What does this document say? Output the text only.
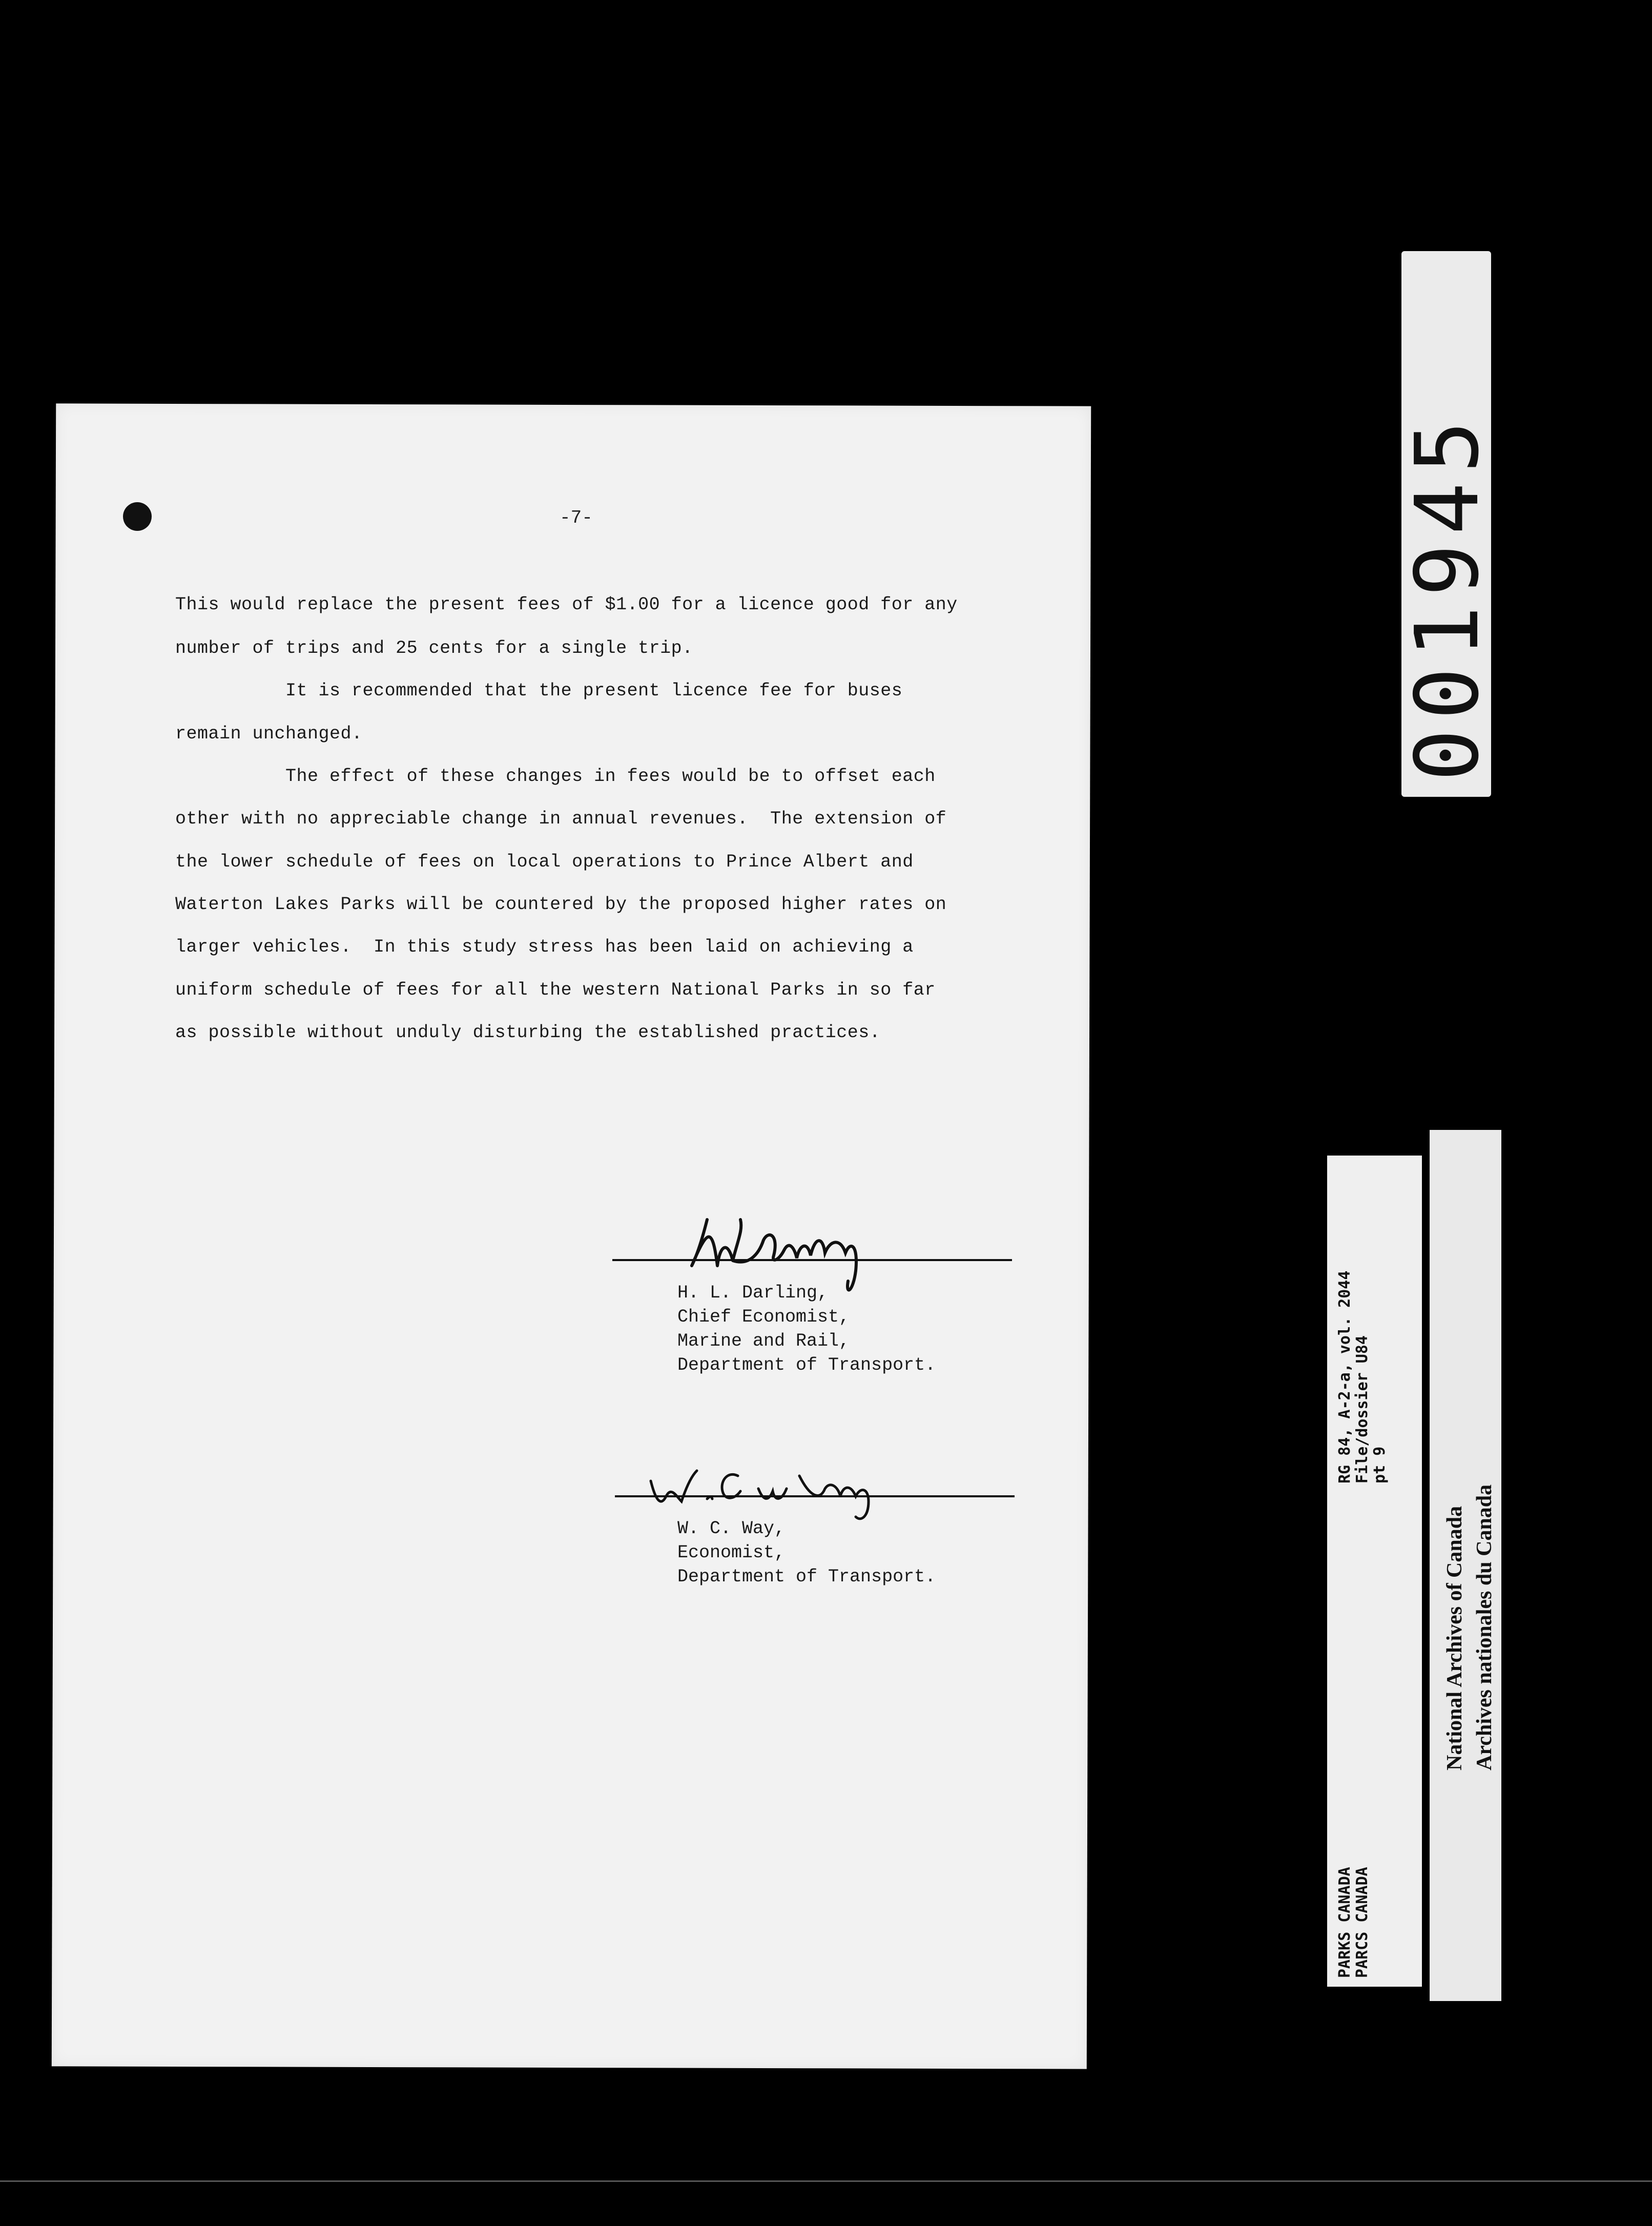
-7-
This would replace the present fees of $1.00 for a licence good for any
number of trips and 25 cents for a single trip.
It is recommended that the present licence fee for buses
remain unchanged.
The effect of these changes in fees would be to offset each
other with no appreciable change in annual revenues.  The extension of
the lower schedule of fees on local operations to Prince Albert and
Waterton Lakes Parks will be countered by the proposed higher rates on
larger vehicles.  In this study stress has been laid on achieving a
uniform schedule of fees for all the western National Parks in so far
as possible without unduly disturbing the established practices.
H. L. Darling,
Chief Economist,
Marine and Rail,
Department of Transport.
W. C. Way,
Economist,
Department of Transport.
001945
RG 84, A-2-a, vol. 2044
File/dossier U84
pt 9
PARKS CANADA
PARCS CANADA
National Archives of Canada Archives nationales du Canada
